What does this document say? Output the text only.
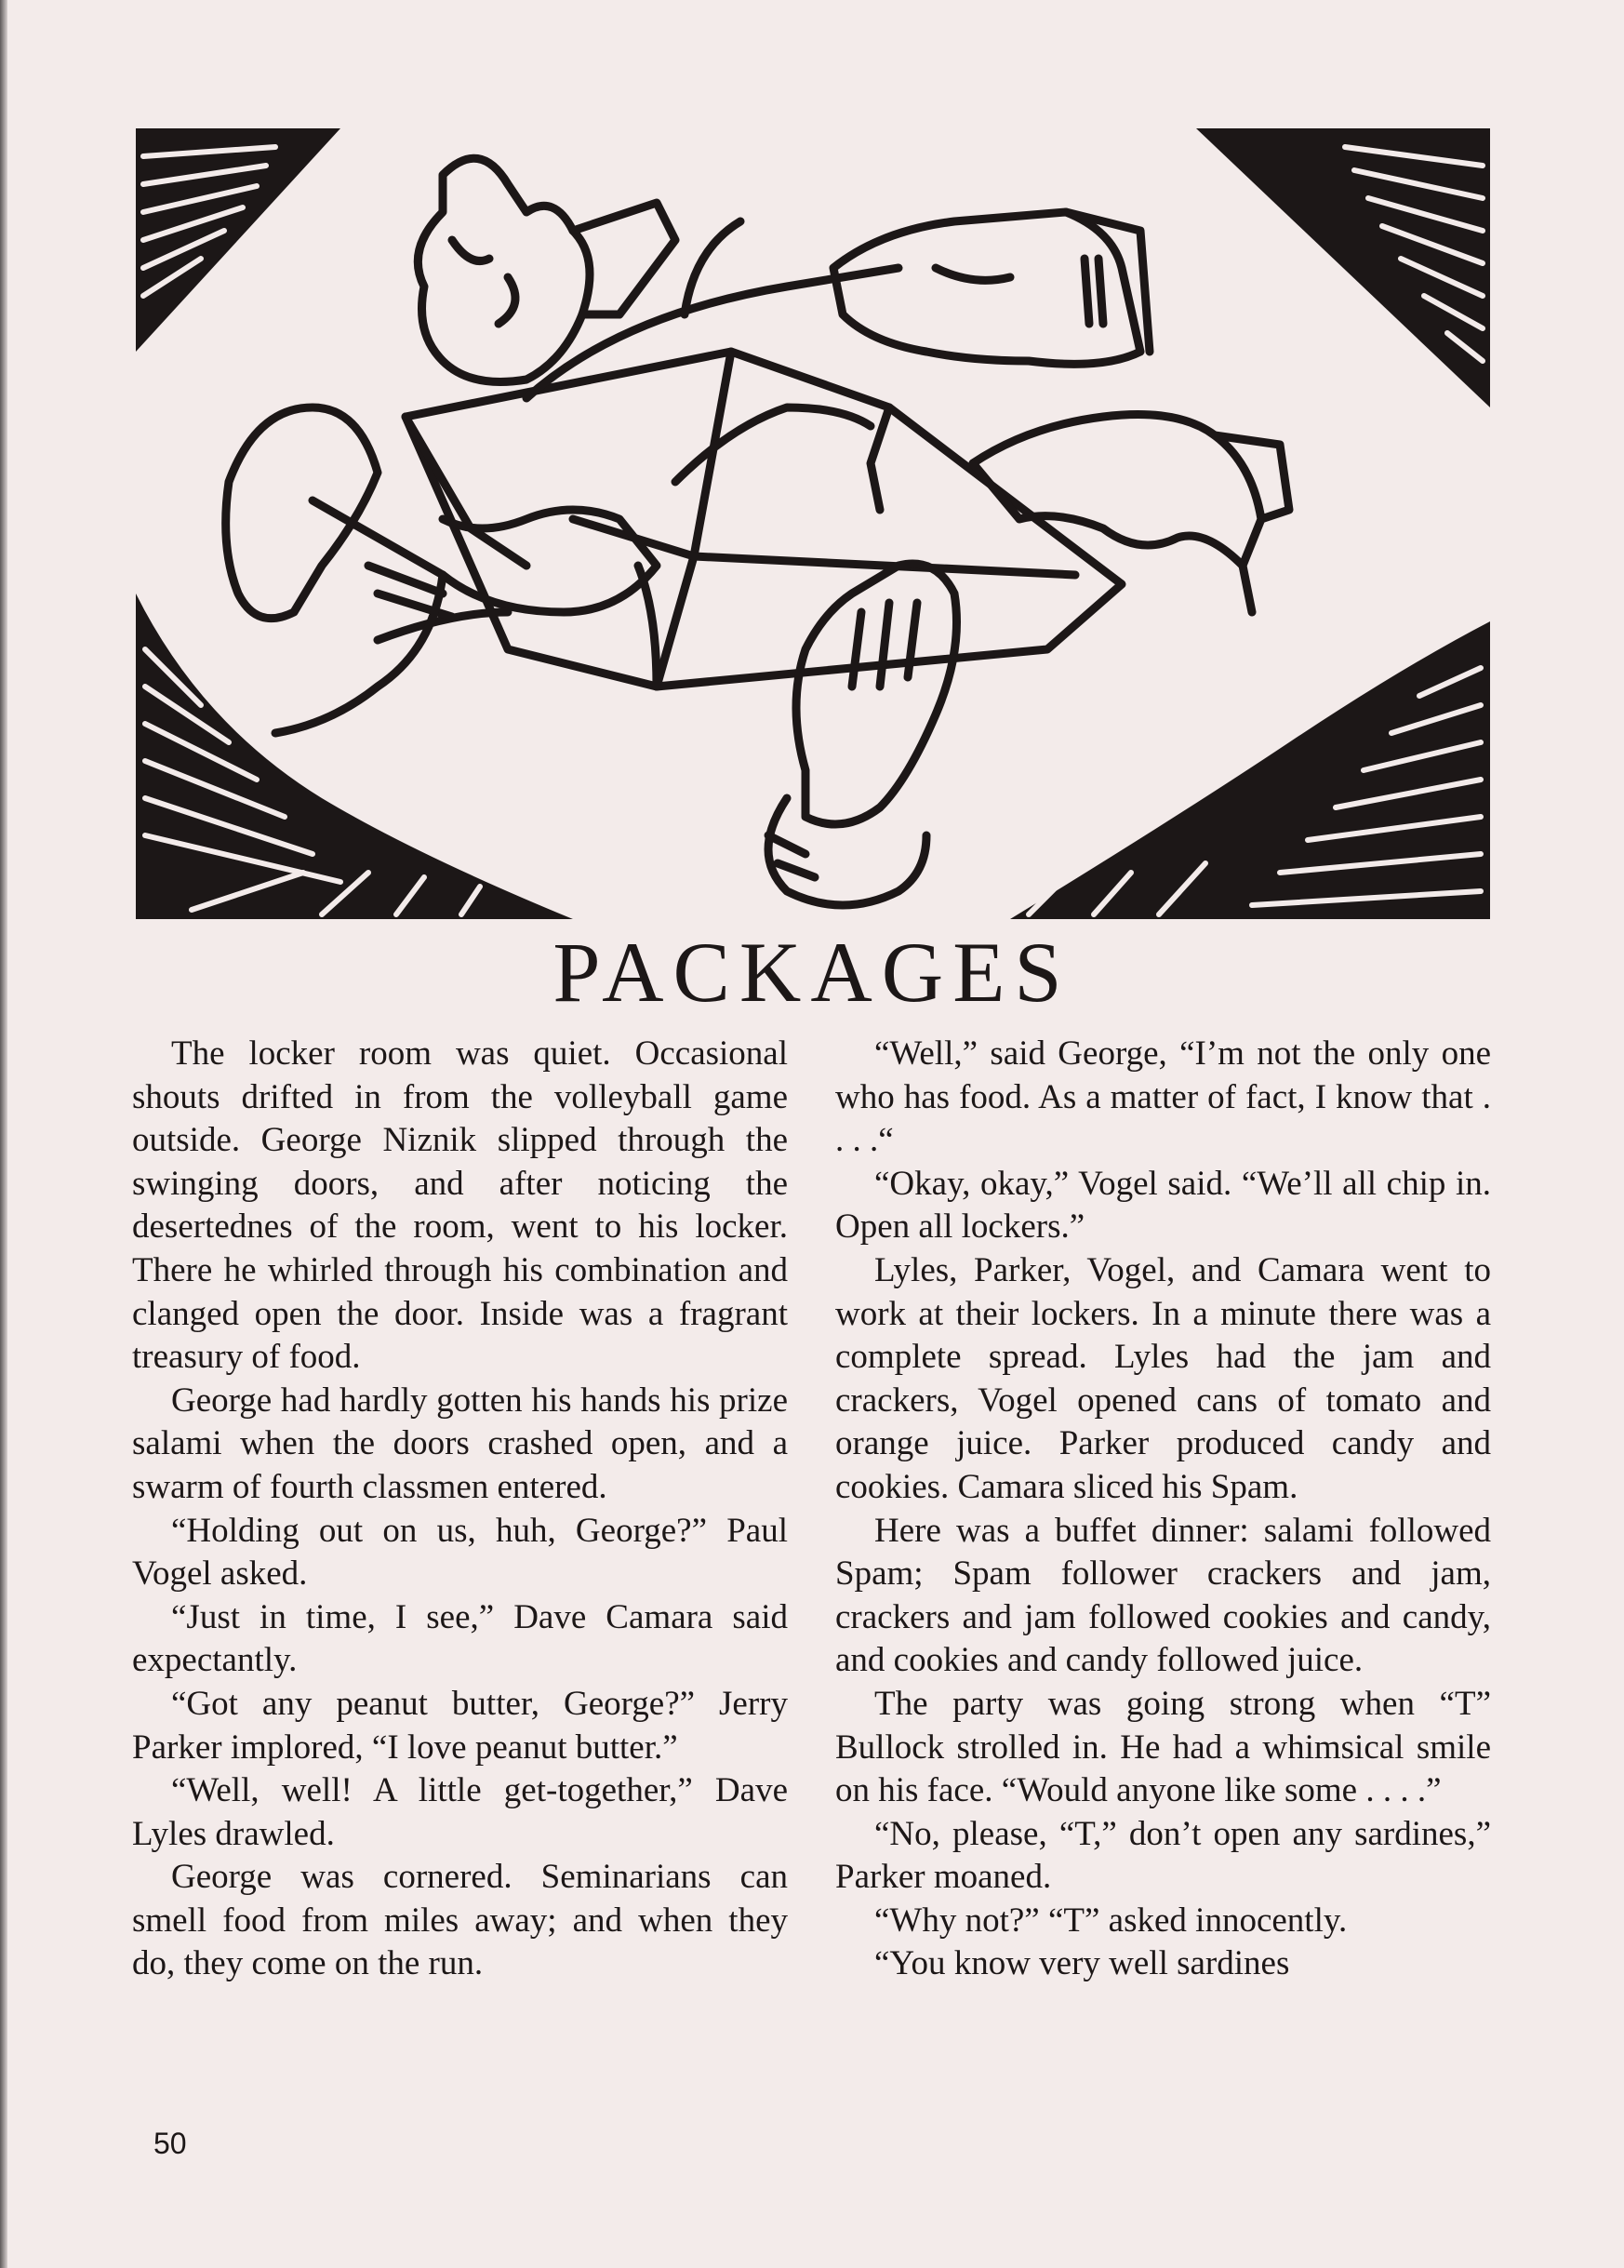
PACKAGES

The locker room was quiet. Occasional shouts drifted in from the volleyball game outside. George Niznik slipped through the swinging doors, and after noticing the desertednes of the room, went to his locker. There he whirled through his combination and clanged open the door. Inside was a fragrant treasury of food.

George had hardly gotten his hands his prize salami when the doors crashed open, and a swarm of fourth classmen entered.

“Holding out on us, huh, George?” Paul Vogel asked.

“Just in time, I see,” Dave Camara said expectantly.

“Got any peanut butter, George?” Jerry Parker implored, “I love peanut butter.”

“Well, well! A little get-together,” Dave Lyles drawled.

George was cornered. Seminarians can smell food from miles away; and when they do, they come on the run.

“Well,” said George, “I’m not the only one who has food. As a matter of fact, I know that . . . .“

“Okay, okay,” Vogel said. “We’ll all chip in. Open all lockers.”

Lyles, Parker, Vogel, and Camara went to work at their lockers. In a minute there was a complete spread. Lyles had the jam and crackers, Vogel opened cans of tomato and orange juice. Parker produced candy and cookies. Camara sliced his Spam.

Here was a buffet dinner: salami followed Spam; Spam follower crackers and jam, crackers and jam followed cookies and candy, and cookies and candy followed juice.

The party was going strong when “T” Bullock strolled in. He had a whimsical smile on his face. “Would anyone like some . . . .”

“No, please, “T,” don’t open any sardines,” Parker moaned.

“Why not?” “T” asked innocently.

“You know very well sardines

50
